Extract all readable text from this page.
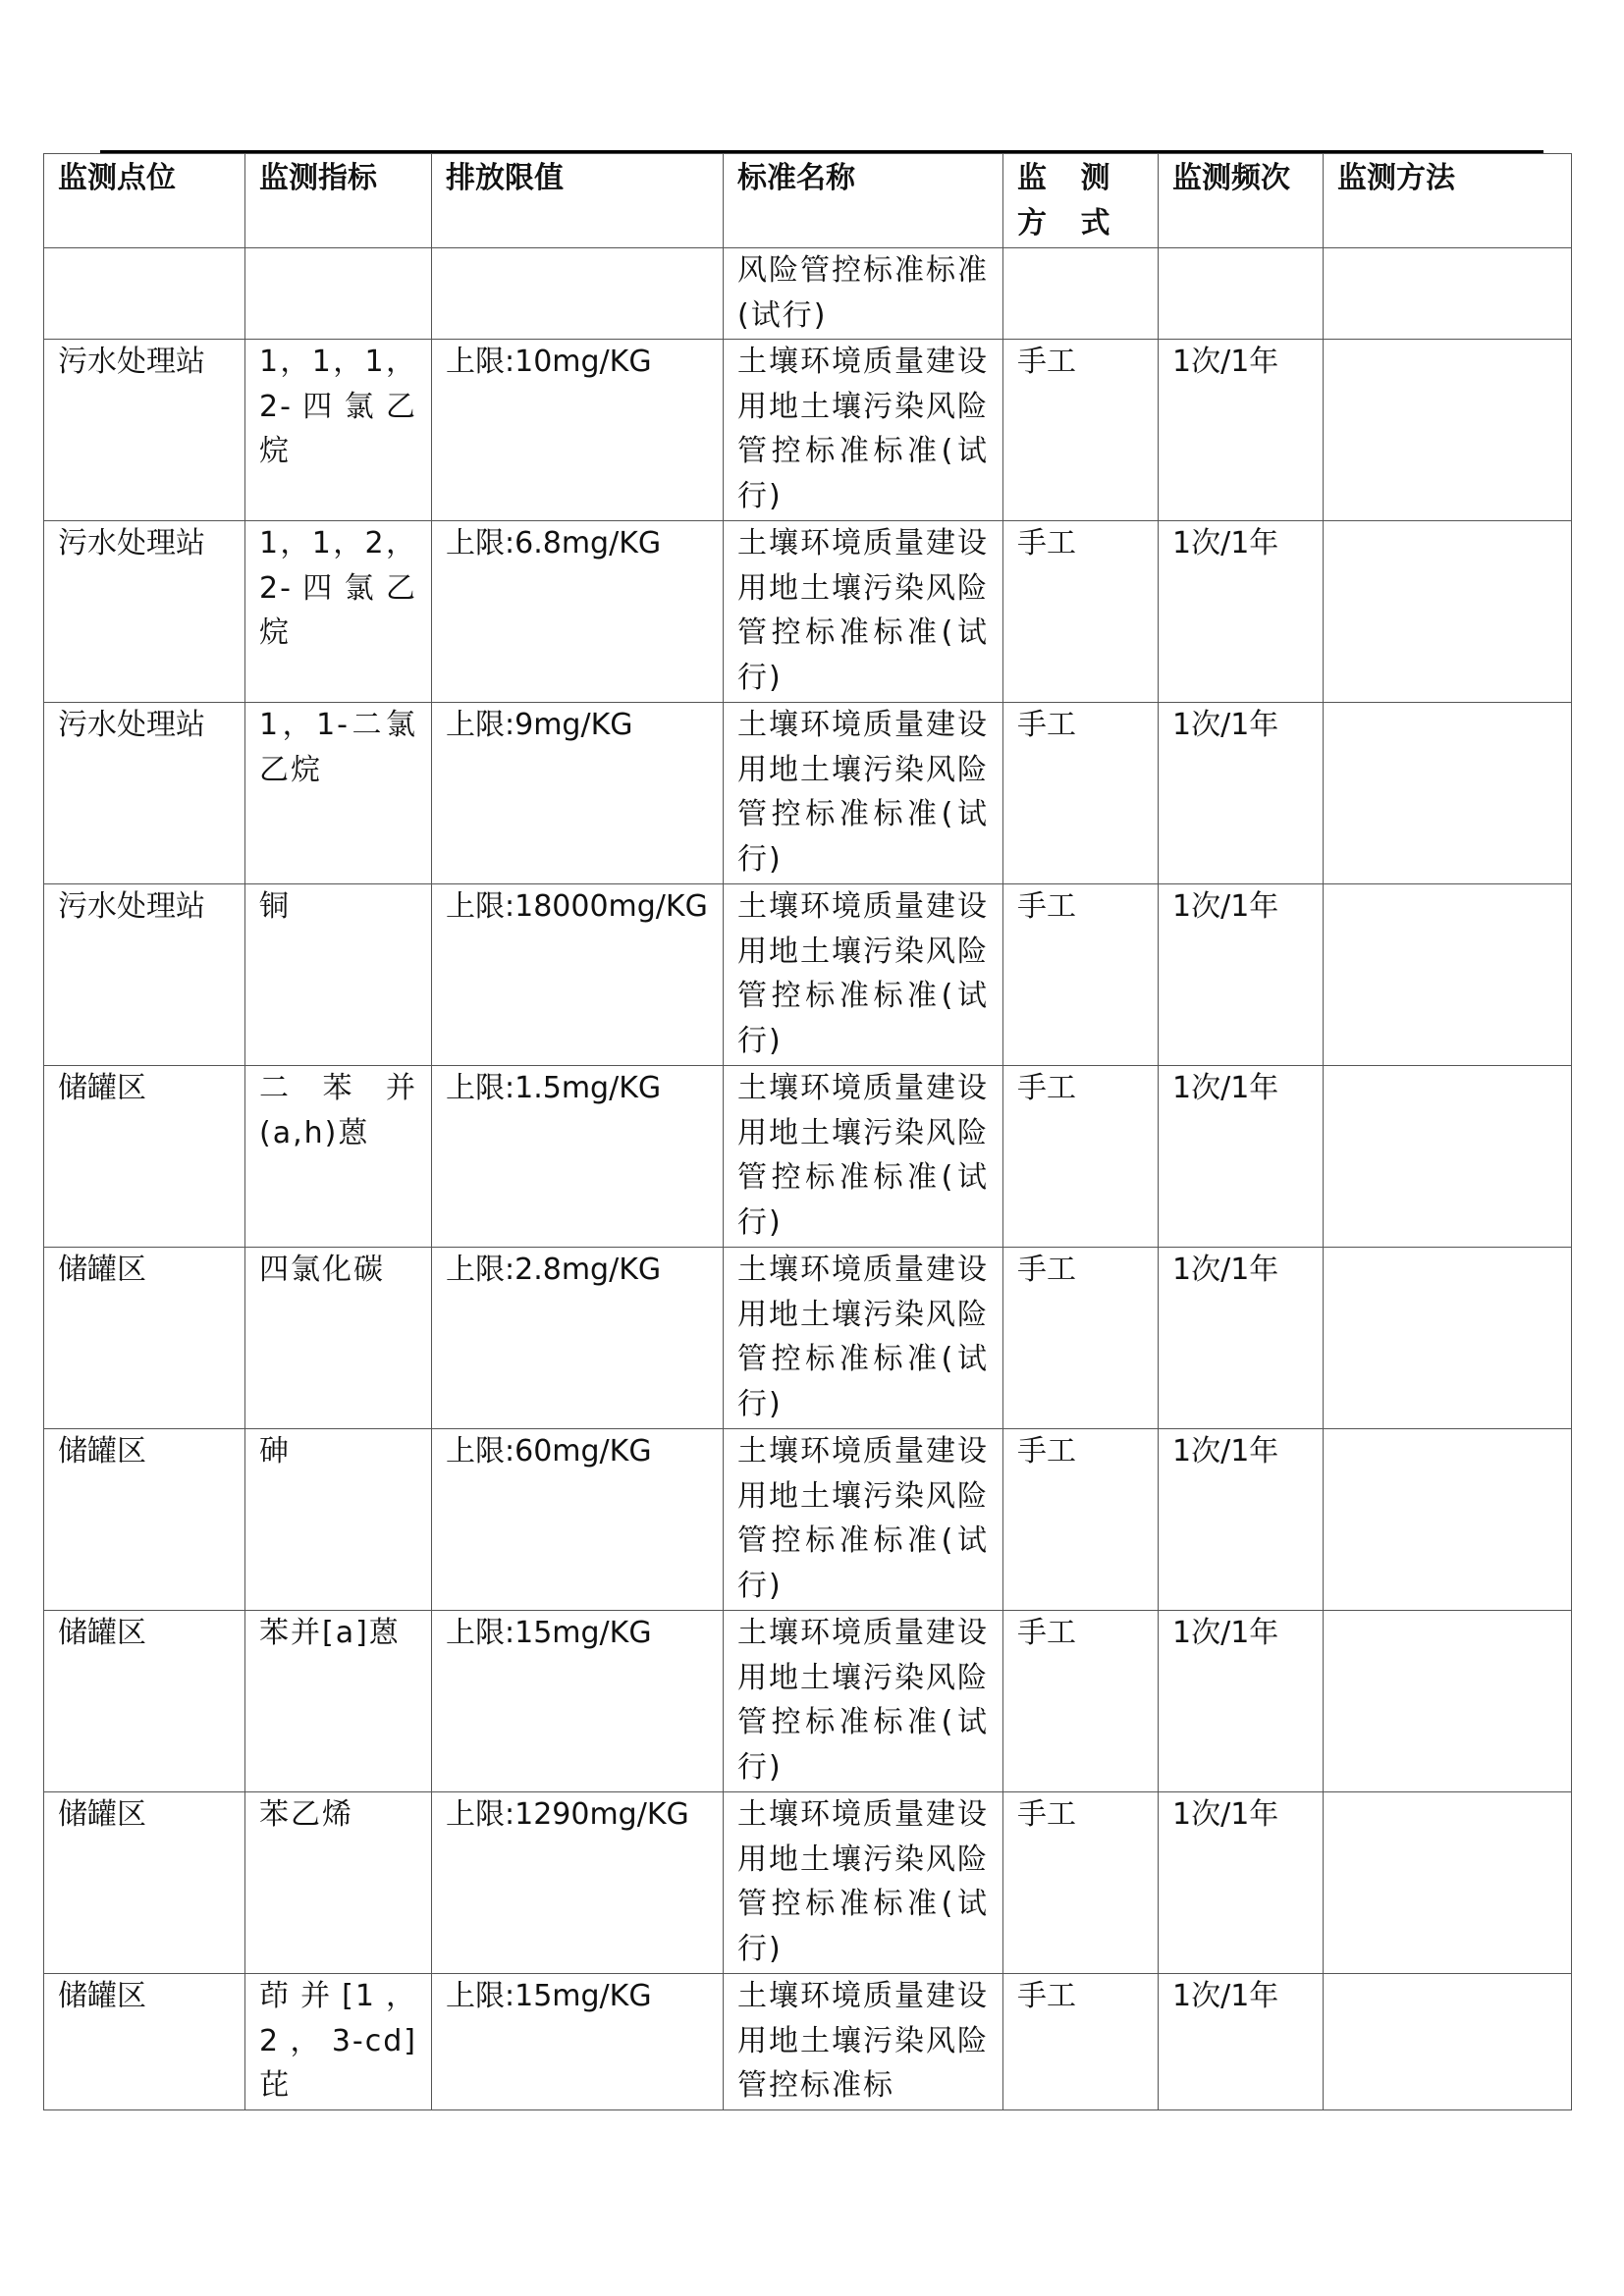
监测点位	监测指标	排放限值	标准名称	监 测 方 式	监测频次	监测方法
			风险管控标准标准(试行)			
污水处理站	1，1，1，2-四氯乙烷	上限:10mg/KG	土壤环境质量建设用地土壤污染风险管控标准标准(试行)	手工	1次/1年	
污水处理站	1，1，2，2-四氯乙烷	上限:6.8mg/KG	土壤环境质量建设用地土壤污染风险管控标准标准(试行)	手工	1次/1年	
污水处理站	1，1-二氯乙烷	上限:9mg/KG	土壤环境质量建设用地土壤污染风险管控标准标准(试行)	手工	1次/1年	
污水处理站	铜	上限:18000mg/KG	土壤环境质量建设用地土壤污染风险管控标准标准(试行)	手工	1次/1年	
储罐区	二苯并(a,h)蒽	上限:1.5mg/KG	土壤环境质量建设用地土壤污染风险管控标准标准(试行)	手工	1次/1年	
储罐区	四氯化碳	上限:2.8mg/KG	土壤环境质量建设用地土壤污染风险管控标准标准(试行)	手工	1次/1年	
储罐区	砷	上限:60mg/KG	土壤环境质量建设用地土壤污染风险管控标准标准(试行)	手工	1次/1年	
储罐区	苯并[a]蒽	上限:15mg/KG	土壤环境质量建设用地土壤污染风险管控标准标准(试行)	手工	1次/1年	
储罐区	苯乙烯	上限:1290mg/KG	土壤环境质量建设用地土壤污染风险管控标准标准(试行)	手工	1次/1年	
储罐区	茚并[1，2，3-cd]芘	上限:15mg/KG	土壤环境质量建设用地土壤污染风险管控标准标	手工	1次/1年	
